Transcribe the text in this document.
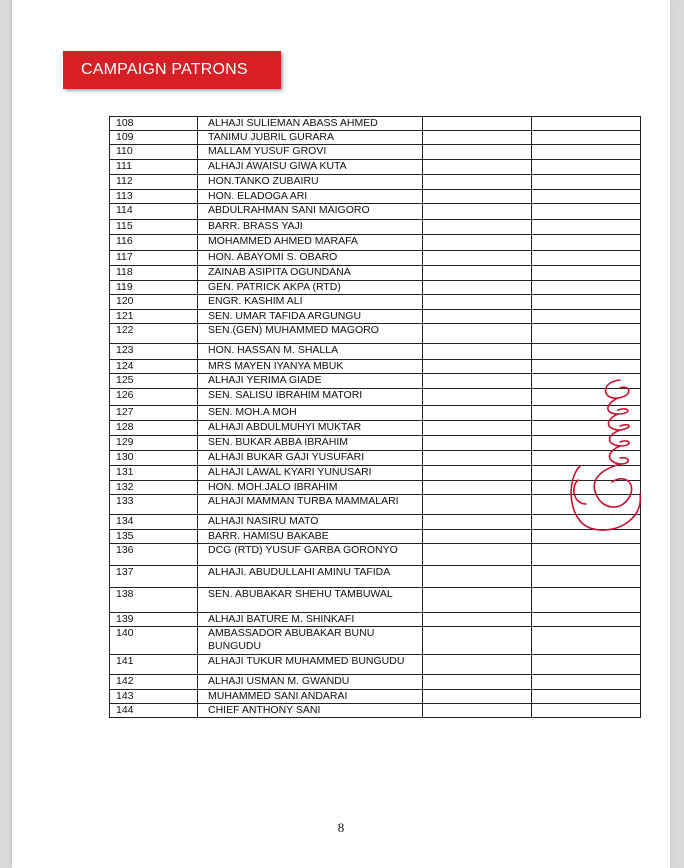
CAMPAIGN PATRONS
108	ALHAJI SULIEMAN ABASS AHMED		
109	TANIMU JUBRIL GURARA		
110	MALLAM YUSUF GROVI		
111	ALHAJI AWAISU GIWA KUTA		
112	HON.TANKO ZUBAIRU		
113	HON. ELADOGA ARI		
114	ABDULRAHMAN SANI MAIGORO		
115	BARR. BRASS YAJI		
116	MOHAMMED AHMED MARAFA		
117	HON. ABAYOMI S. OBARO		
118	ZAINAB ASIPITA OGUNDANA		
119	GEN. PATRICK AKPA (RTD)		
120	ENGR. KASHIM ALI		
121	SEN. UMAR TAFIDA ARGUNGU		
122	SEN.(GEN) MUHAMMED MAGORO		
123	HON. HASSAN M. SHALLA		
124	MRS MAYEN IYANYA MBUK		
125	ALHAJI YERIMA GIADE		
126	SEN. SALISU IBRAHIM MATORI		
127	SEN. MOH.A MOH		
128	ALHAJI ABDULMUHYI MUKTAR		
129	SEN. BUKAR ABBA IBRAHIM		
130	ALHAJI BUKAR GAJI YUSUFARI		
131	ALHAJI LAWAL KYARI YUNUSARI		
132	HON. MOH.JALO IBRAHIM		
133	ALHAJI MAMMAN TURBA MAMMALARI		
134	ALHAJI NASIRU MATO		
135	BARR. HAMISU BAKABE		
136	DCG (RTD) YUSUF GARBA GORONYO		
137	ALHAJI. ABUDULLAHI AMINU TAFIDA		
138	SEN. ABUBAKAR SHEHU TAMBUWAL		
139	ALHAJI BATURE M. SHINKAFI		
140	AMBASSADOR ABUBAKAR BUNU BUNGUDU		
141	ALHAJI TUKUR MUHAMMED BUNGUDU		
142	ALHAJI USMAN M. GWANDU		
143	MUHAMMED SANI ANDARAI		
144	CHIEF ANTHONY SANI		
8
